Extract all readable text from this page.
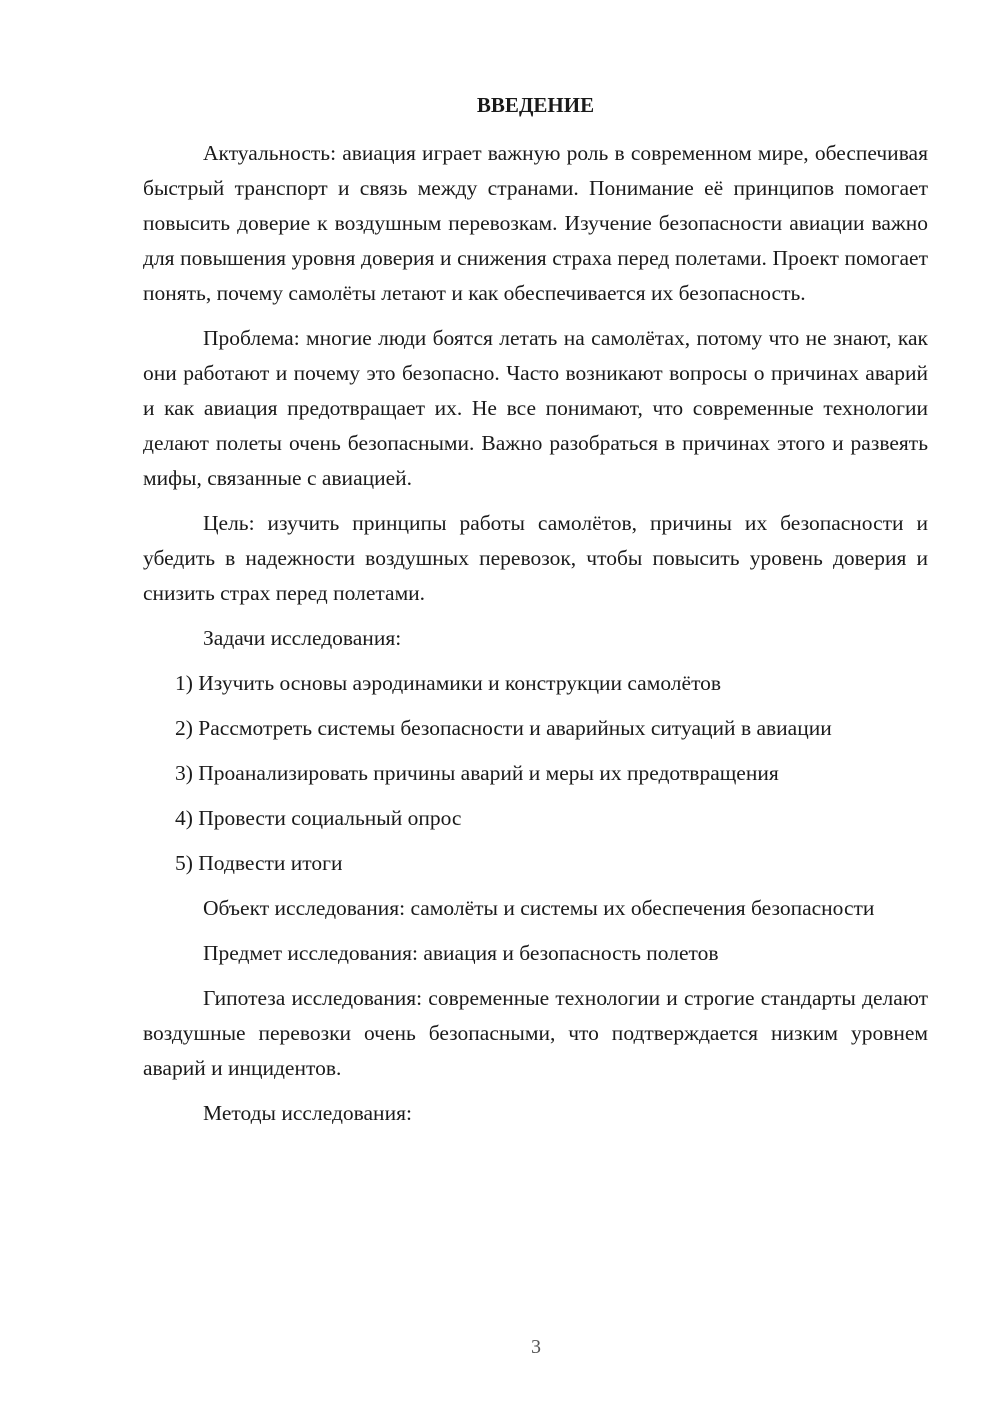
ВВЕДЕНИЕ

Актуальность: авиация играет важную роль в современном мире, обеспечивая быстрый транспорт и связь между странами. Понимание её принципов помогает повысить доверие к воздушным перевозкам. Изучение безопасности авиации важно для повышения уровня доверия и снижения страха перед полетами. Проект помогает понять, почему самолёты летают и как обеспечивается их безопасность.

Проблема: многие люди боятся летать на самолётах, потому что не знают, как они работают и почему это безопасно. Часто возникают вопросы о причинах аварий и как авиация предотвращает их. Не все понимают, что современные технологии делают полеты очень безопасными. Важно разобраться в причинах этого и развеять мифы, связанные с авиацией.

Цель: изучить принципы работы самолётов, причины их безопасности и убедить в надежности воздушных перевозок, чтобы повысить уровень доверия и снизить страх перед полетами.

Задачи исследования:

1) Изучить основы аэродинамики и конструкции самолётов

2) Рассмотреть системы безопасности и аварийных ситуаций в авиации

3) Проанализировать причины аварий и меры их предотвращения

4) Провести социальный опрос

5) Подвести итоги

Объект исследования: самолёты и системы их обеспечения безопасности

Предмет исследования: авиация и безопасность полетов

Гипотеза исследования: современные технологии и строгие стандарты делают воздушные перевозки очень безопасными, что подтверждается низким уровнем аварий и инцидентов.

Методы исследования:

3
